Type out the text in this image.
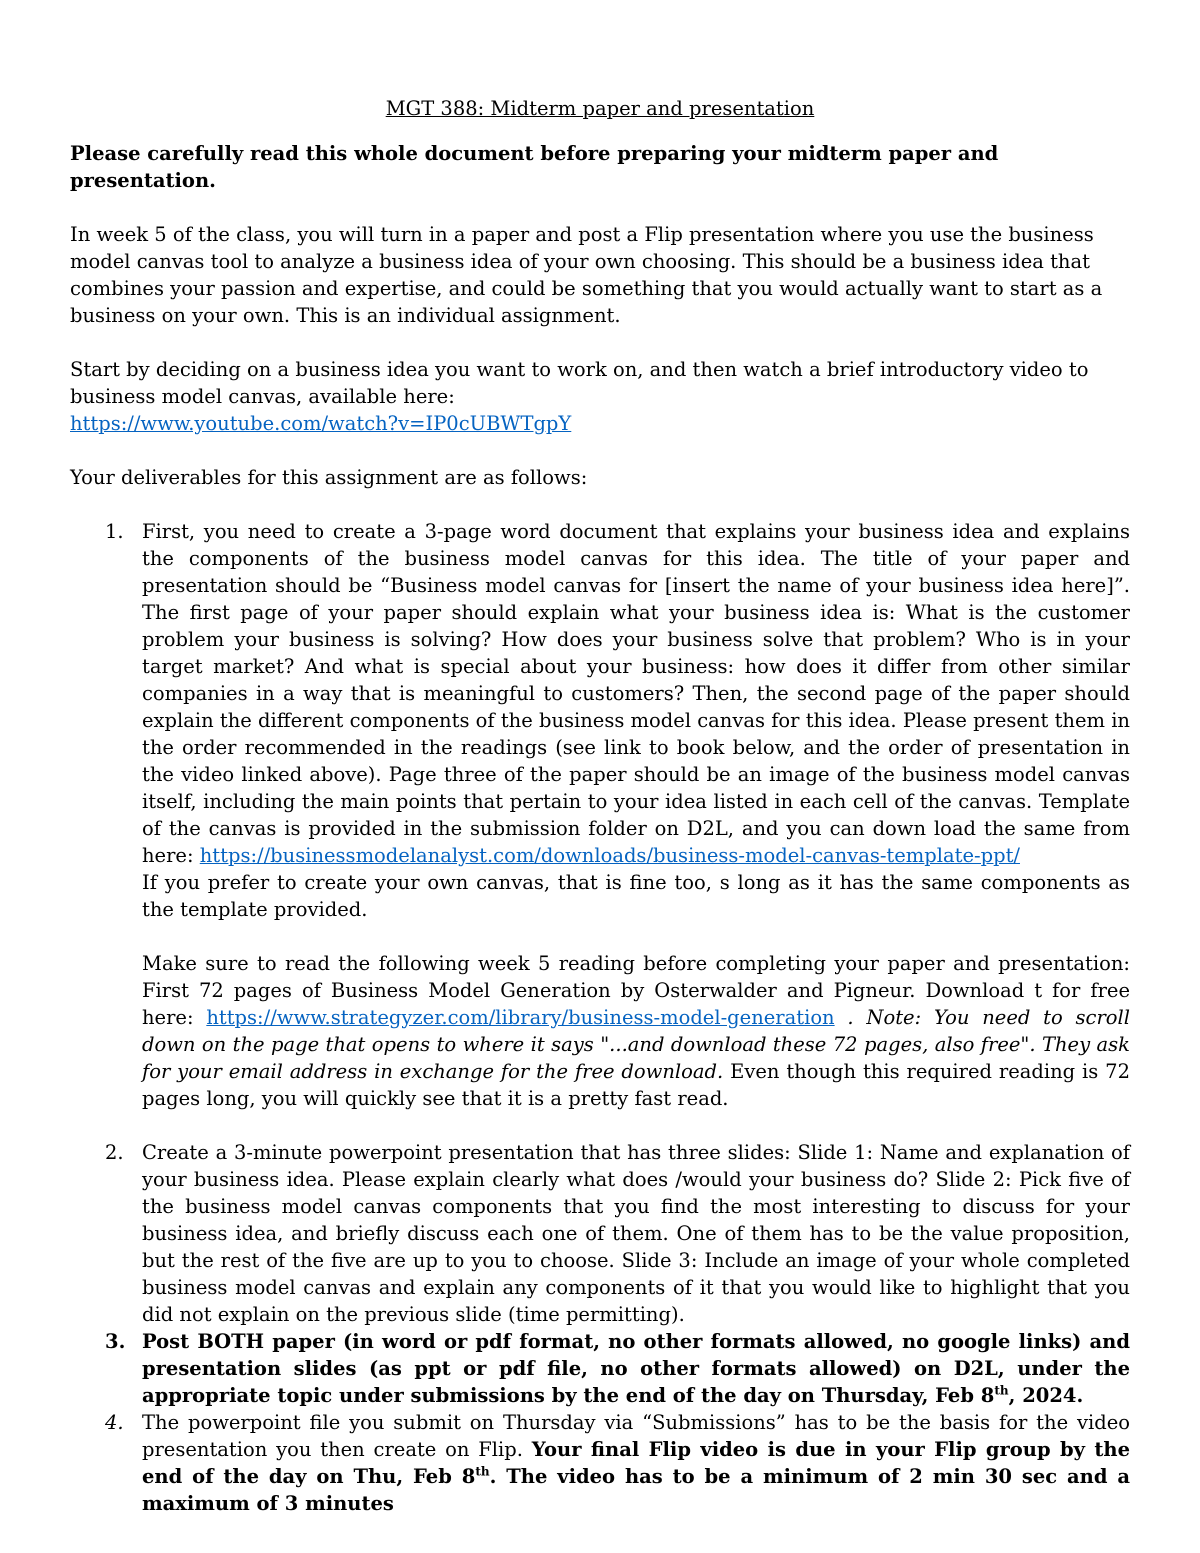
MGT 388: Midterm paper and presentation

Please carefully read this whole document before preparing your midterm paper and presentation.

In week 5 of the class, you will turn in a paper and post a Flip presentation where you use the business model canvas tool to analyze a business idea of your own choosing. This should be a business idea that combines your passion and expertise, and could be something that you would actually want to start as a business on your own. This is an individual assignment.

Start by deciding on a business idea you want to work on, and then watch a brief introductory video to business model canvas, available here:
https://www.youtube.com/watch?v=IP0cUBWTgpY

Your deliverables for this assignment are as follows:

1. First, you need to create a 3-page word document that explains your business idea and explains the components of the business model canvas for this idea. The title of your paper and presentation should be “Business model canvas for [insert the name of your business idea here]”. The first page of your paper should explain what your business idea is: What is the customer problem your business is solving? How does your business solve that problem? Who is in your target market? And what is special about your business: how does it differ from other similar companies in a way that is meaningful to customers? Then, the second page of the paper should explain the different components of the business model canvas for this idea. Please present them in the order recommended in the readings (see link to book below, and the order of presentation in the video linked above). Page three of the paper should be an image of the business model canvas itself, including the main points that pertain to your idea listed in each cell of the canvas. Template of the canvas is provided in the submission folder on D2L, and you can down load the same from here: https://businessmodelanalyst.com/downloads/business-model-canvas-template-ppt/
If you prefer to create your own canvas, that is fine too, s long as it has the same components as the template provided.

Make sure to read the following week 5 reading before completing your paper and presentation: First 72 pages of Business Model Generation by Osterwalder and Pigneur. Download t for free here: https://www.strategyzer.com/library/business-model-generation . Note: You need to scroll down on the page that opens to where it says "...and download these 72 pages, also free". They ask for your email address in exchange for the free download. Even though this required reading is 72 pages long, you will quickly see that it is a pretty fast read.
2. Create a 3-minute powerpoint presentation that has three slides: Slide 1: Name and explanation of your business idea. Please explain clearly what does /would your business do? Slide 2: Pick five of the business model canvas components that you find the most interesting to discuss for your business idea, and briefly discuss each one of them. One of them has to be the value proposition, but the rest of the five are up to you to choose. Slide 3: Include an image of your whole completed business model canvas and explain any components of it that you would like to highlight that you did not explain on the previous slide (time permitting).
3. Post BOTH paper (in word or pdf format, no other formats allowed, no google links) and presentation slides (as ppt or pdf file, no other formats allowed) on D2L, under the appropriate topic under submissions by the end of the day on Thursday, Feb 8th, 2024.
4. The powerpoint file you submit on Thursday via “Submissions” has to be the basis for the video presentation you then create on Flip. Your final Flip video is due in your Flip group by the end of the day on Thu, Feb 8th. The video has to be a minimum of 2 min 30 sec and a maximum of 3 minutes
